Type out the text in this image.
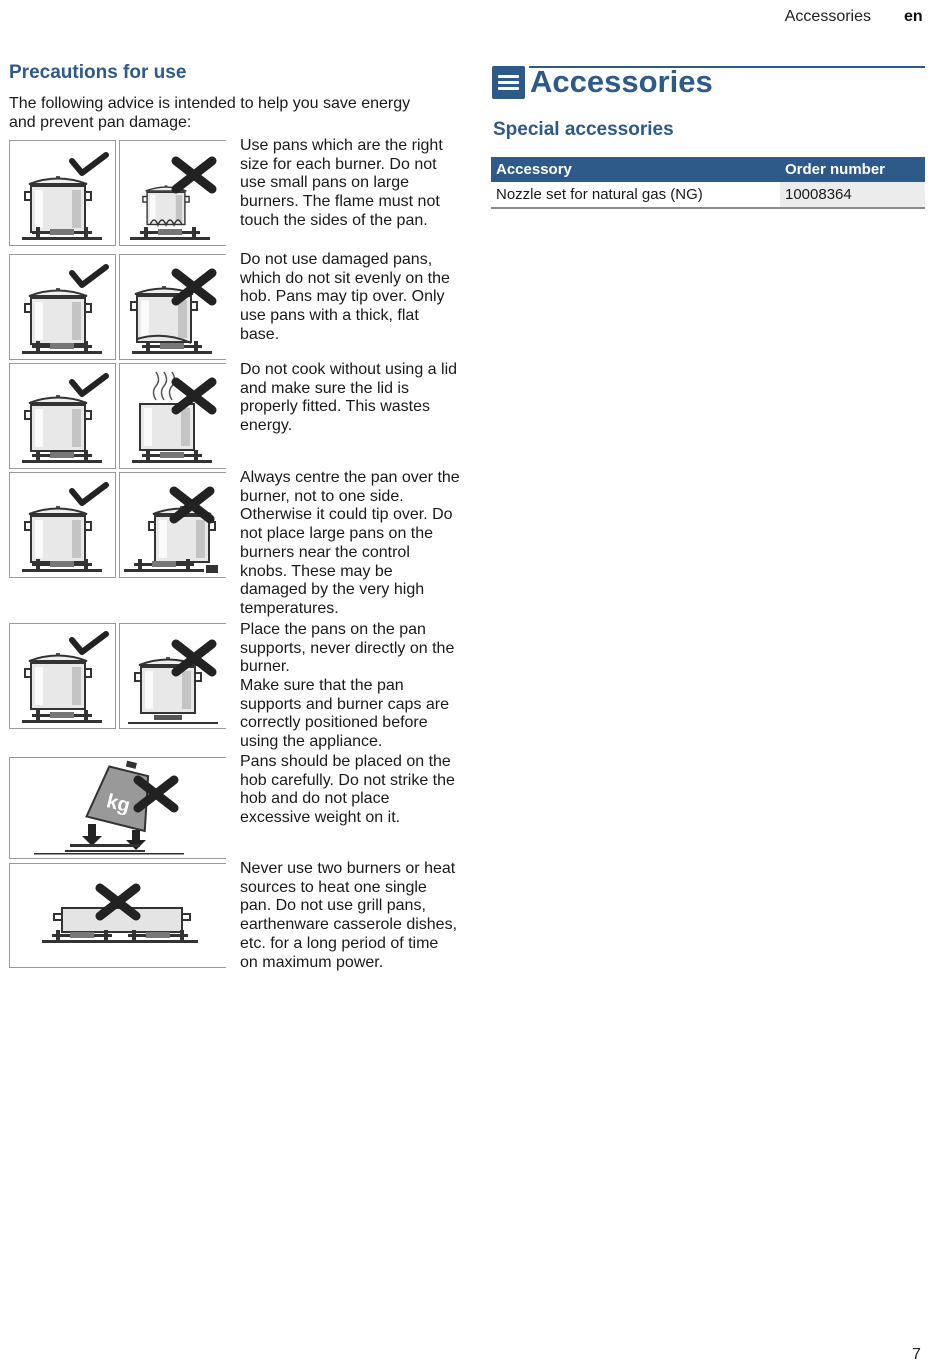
Accessories en
Precautions for use
The following advice is intended to help you save energy and prevent pan damage:
kg
Use pans which are the right size for each burner. Do not use small pans on large burners. The flame must not touch the sides of the pan.
Do not use damaged pans, which do not sit evenly on the hob. Pans may tip over. Only use pans with a thick, flat base.
Do not cook without using a lid and make sure the lid is properly fitted. This wastes energy.
Always centre the pan over the burner, not to one side. Otherwise it could tip over. Do not place large pans on the burners near the control knobs. These may be damaged by the very high temperatures.
Place the pans on the pan supports, never directly on the burner.
Make sure that the pan supports and burner caps are correctly positioned before using the appliance.
Pans should be placed on the hob carefully. Do not strike the hob and do not place excessive weight on it.
Never use two burners or heat sources to heat one single pan. Do not use grill pans, earthenware casserole dishes, etc. for a long period of time on maximum power.
Accessories
Special accessories
Accessory	Order number
Nozzle set for natural gas (NG)	10008364
7
